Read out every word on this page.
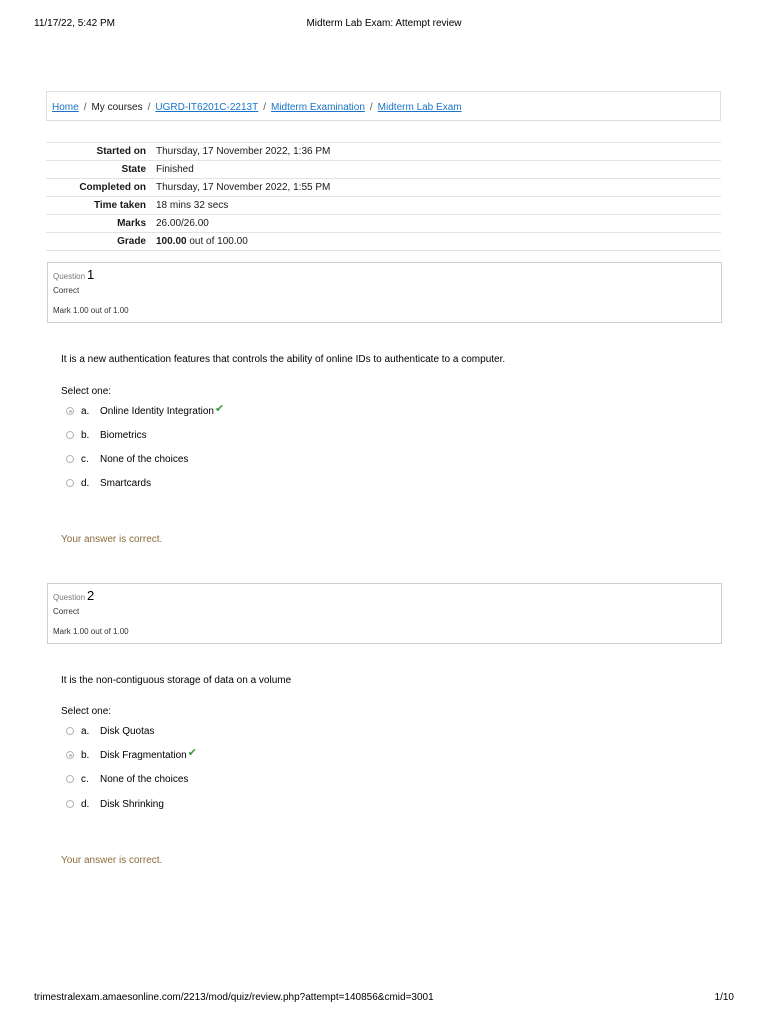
11/17/22, 5:42 PM	Midterm Lab Exam: Attempt review
Home / My courses / UGRD-IT6201C-2213T / Midterm Examination / Midterm Lab Exam
Started on	Thursday, 17 November 2022, 1:36 PM
State	Finished
Completed on	Thursday, 17 November 2022, 1:55 PM
Time taken	18 mins 32 secs
Marks	26.00/26.00
Grade	100.00 out of 100.00
Question 1
Correct
Mark 1.00 out of 1.00
It is a new authentication features that controls the ability of online IDs to authenticate to a computer.
Select one:
a.	Online Identity Integration ✔
b.	Biometrics
c.	None of the choices
d.	Smartcards
Your answer is correct.
Question 2
Correct
Mark 1.00 out of 1.00
It is the non-contiguous storage of data on a volume
Select one:
a.	Disk Quotas
b.	Disk Fragmentation ✔
c.	None of the choices
d.	Disk Shrinking
Your answer is correct.
trimestralexam.amaesonline.com/2213/mod/quiz/review.php?attempt=140856&cmid=3001	1/10
